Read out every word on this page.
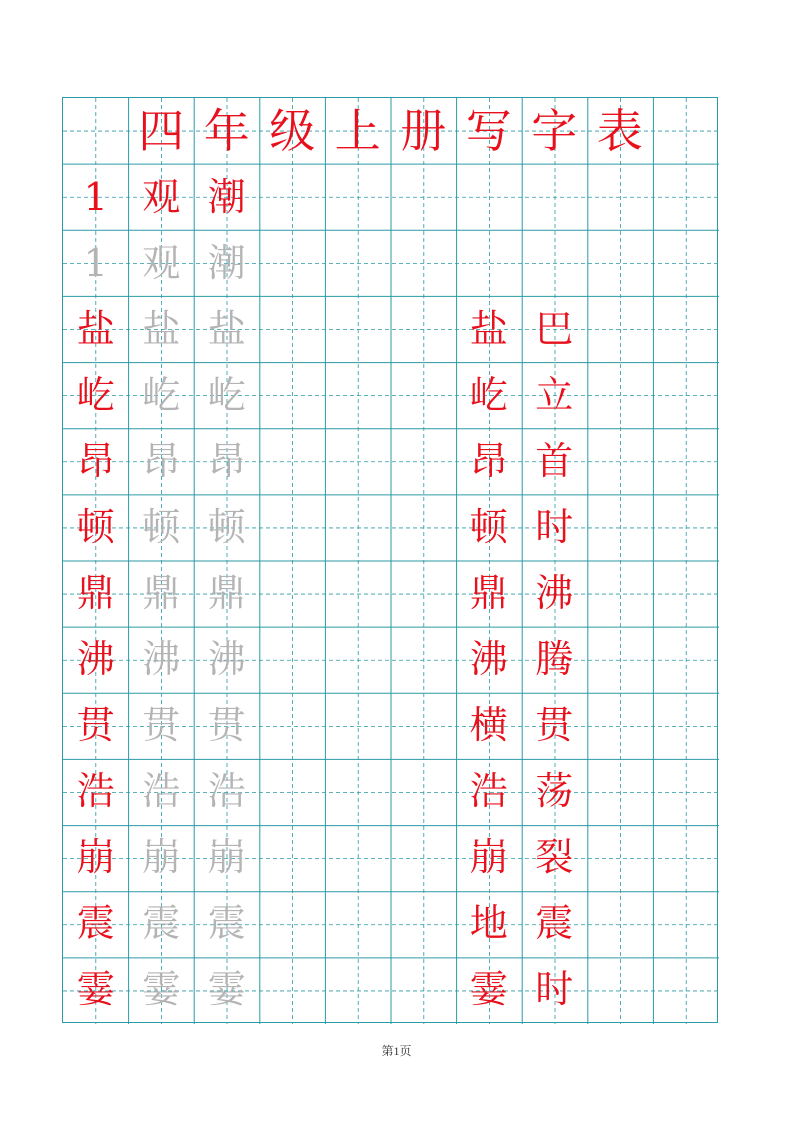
四 年 级 上 册 写 字 表
1 观 潮
1 观 潮
盐 盐 盐	盐 巴
屹 屹 屹	屹 立
昂 昂 昂	昂 首
顿 顿 顿	顿 时
鼎 鼎 鼎	鼎 沸
沸 沸 沸	沸 腾
贯 贯 贯	横 贯
浩 浩 浩	浩 荡
崩 崩 崩	崩 裂
震 震 震	地 震
霎 霎 霎	霎 时
第1页
